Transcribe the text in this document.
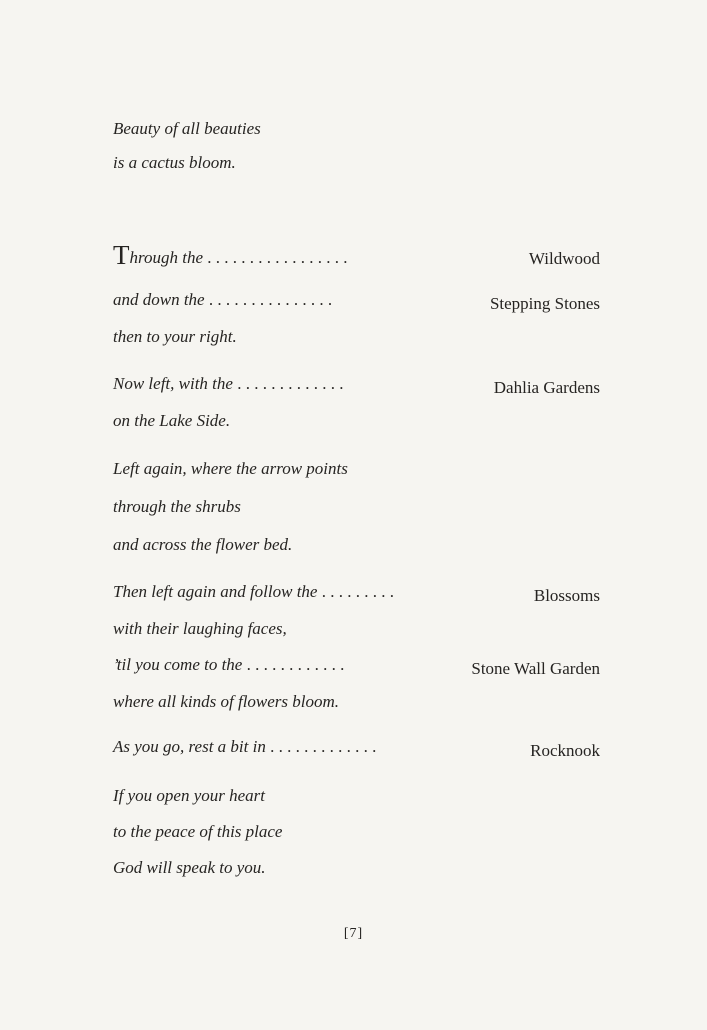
Beauty of all beauties
is a cactus bloom.
Through the . . . . . . . . . . . . . . . . .	Wildwood
and down the . . . . . . . . . . . . . . .	Stepping Stones
then to your right.
Now left, with the . . . . . . . . . . . . .	Dahlia Gardens
on the Lake Side.
Left again, where the arrow points
through the shrubs
and across the flower bed.
Then left again and follow the . . . . . . . . .	Blossoms
with their laughing faces,
’til you come to the . . . . . . . . . . . .	Stone Wall Garden
where all kinds of flowers bloom.
As you go, rest a bit in . . . . . . . . . . . . .	Rocknook
If you open your heart
to the peace of this place
God will speak to you.
[7]
